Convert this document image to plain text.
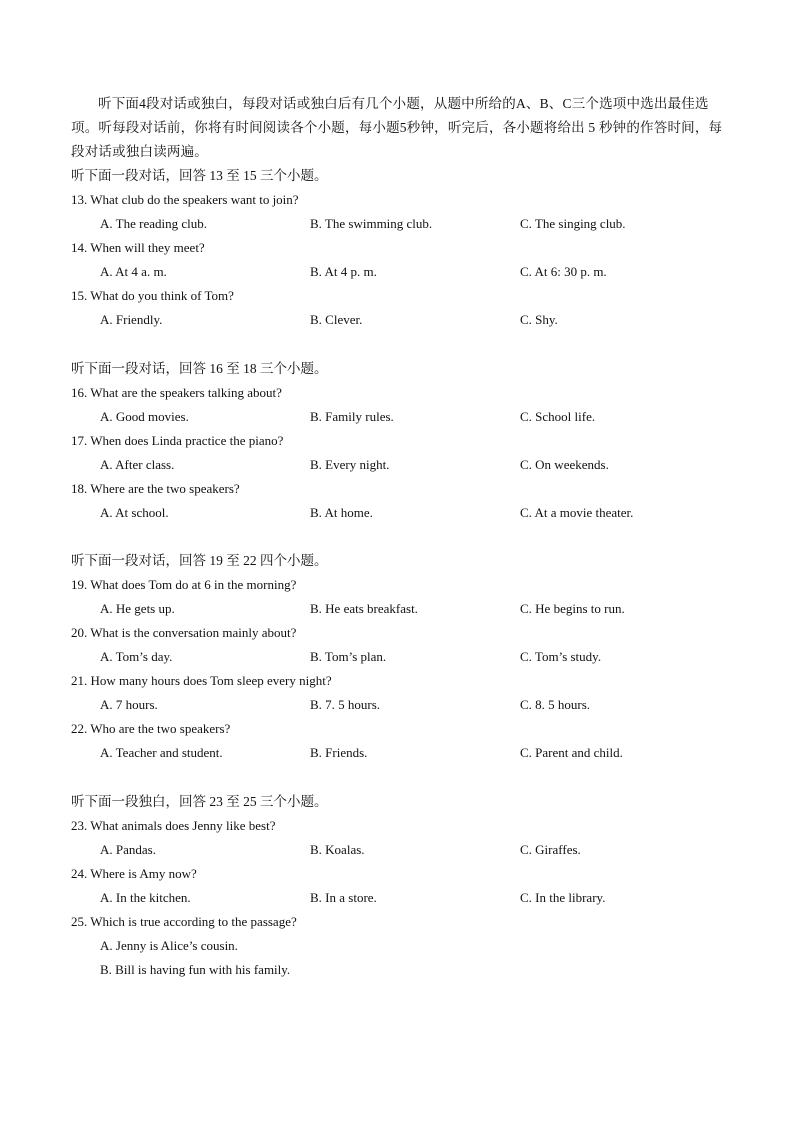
听下面4段对话或独白，每段对话或独白后有几个小题，从题中所给的A、B、C三个选项中选出最佳选项。听每段对话前，你将有时间阅读各个小题，每小题5秒钟，听完后，各小题将给出 5 秒钟的作答时间，每段对话或独白读两遍。

听下面一段对话，回答 13 至 15 三个小题。

13. What club do the speakers want to join?

A. The reading club.	B. The swimming club.	C. The singing club.

14. When will they meet?

A. At 4 a. m.	B. At 4 p. m.	C. At 6: 30 p. m.

15. What do you think of Tom?

A. Friendly.	B. Clever.	C. Shy.

听下面一段对话，回答 16 至 18 三个小题。

16. What are the speakers talking about?

A. Good movies.	B. Family rules.	C. School life.

17. When does Linda practice the piano?

A. After class.	B. Every night.	C. On weekends.

18. Where are the two speakers?

A. At school.	B. At home.	C. At a movie theater.

听下面一段对话，回答 19 至 22 四个小题。

19. What does Tom do at 6 in the morning?

A. He gets up.	B. He eats breakfast.	C. He begins to run.

20. What is the conversation mainly about?

A. Tom’s day.	B. Tom’s plan.	C. Tom’s study.

21. How many hours does Tom sleep every night?

A. 7 hours.	B. 7. 5 hours.	C. 8. 5 hours.

22. Who are the two speakers?

A. Teacher and student.	B. Friends.	C. Parent and child.

听下面一段独白，回答 23 至 25 三个小题。

23. What animals does Jenny like best?

A. Pandas.	B. Koalas.	C. Giraffes.

24. Where is Amy now?

A. In the kitchen.	B. In a store.	C. In the library.

25. Which is true according to the passage?

A. Jenny is Alice’s cousin.

B. Bill is having fun with his family.
